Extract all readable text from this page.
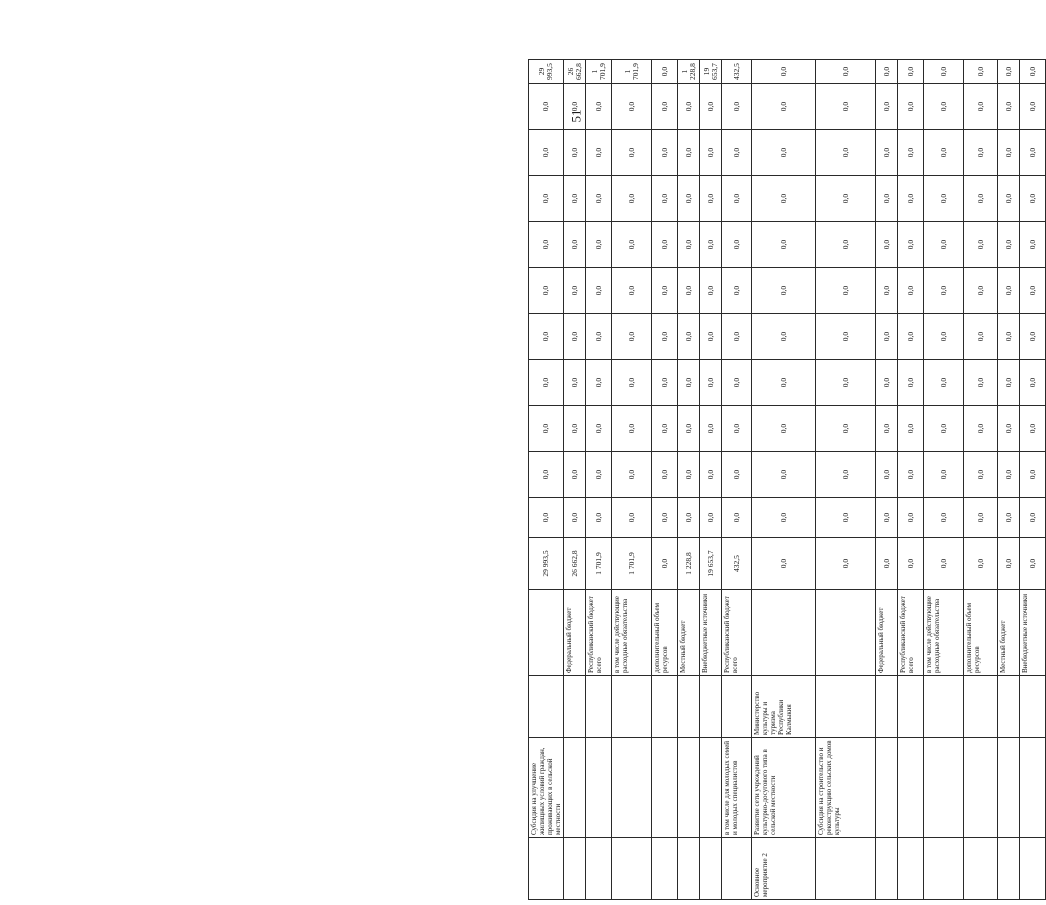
	Субсидия на улучшение жилищных условий граждан, проживающих в сельской местности			29 993,5	0,0	0,0	0,0	0,0	0,0	0,0	0,0	0,0	0,0	0,0	29 993,5	
			Федеральный бюджет	26 662,8	0,0	0,0	0,0	0,0	0,0	0,0	0,0	0,0	0,0	0,0	26 662,8	
			Республиканский бюджет всего	1 701,9	0,0	0,0	0,0	0,0	0,0	0,0	0,0	0,0	0,0	0,0	1 701,9	
			в том числе действующие расходные обязательства	1 701,9	0,0	0,0	0,0	0,0	0,0	0,0	0,0	0,0	0,0	0,0	1 701,9	
			дополнительный объем ресурсов	0,0	0,0	0,0	0,0	0,0	0,0	0,0	0,0	0,0	0,0	0,0	0,0	
			Местный бюджет	1 228,8	0,0	0,0	0,0	0,0	0,0	0,0	0,0	0,0	0,0	0,0	1 228,8	
			Внебюджетные источники	19 653,7	0,0	0,0	0,0	0,0	0,0	0,0	0,0	0,0	0,0	0,0	19 653,7	
	в том числе для молодых семей и молодых специалистов		Республиканский бюджет всего	432,5	0,0	0,0	0,0	0,0	0,0	0,0	0,0	0,0	0,0	0,0	432,5	
Основное мероприятие 2	Развитие сети учреждений культурно-досугового типа в сельской местности	Министерство культуры и туризма Республики Калмыкия		0,0	0,0	0,0	0,0	0,0	0,0	0,0	0,0	0,0	0,0	0,0	0,0	
	Субсидия на строительство и реконструкцию сельских домов культуры			0,0	0,0	0,0	0,0	0,0	0,0	0,0	0,0	0,0	0,0	0,0	0,0	
			Федеральный бюджет	0,0	0,0	0,0	0,0	0,0	0,0	0,0	0,0	0,0	0,0	0,0	0,0	
			Республиканский бюджет всего	0,0	0,0	0,0	0,0	0,0	0,0	0,0	0,0	0,0	0,0	0,0	0,0	
			в том числе действующие расходные обязательства	0,0	0,0	0,0	0,0	0,0	0,0	0,0	0,0	0,0	0,0	0,0	0,0	
			дополнительный объем ресурсов	0,0	0,0	0,0	0,0	0,0	0,0	0,0	0,0	0,0	0,0	0,0	0,0	
			Местный бюджет	0,0	0,0	0,0	0,0	0,0	0,0	0,0	0,0	0,0	0,0	0,0	0,0	
			Внебюджетные источники	0,0	0,0	0,0	0,0	0,0	0,0	0,0	0,0	0,0	0,0	0,0	0,0	
51
